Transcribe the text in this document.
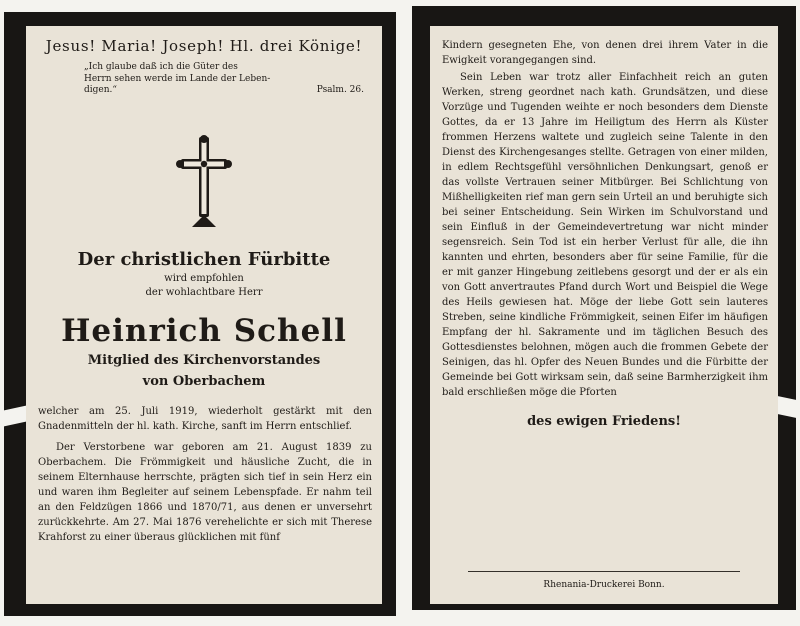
Jesus! Maria! Joseph! Hl. drei Könige!
„Ich glaube daß ich die Güter des
Herrn sehen werde im Lande der Leben-
Psalm. 26.
digen.“
Der christlichen Fürbitte
wird empfohlen
der wohlachtbare Herr
Heinrich Schell
Mitglied des Kirchenvorstandes
von Oberbachem
welcher am 25. Juli 1919, wiederholt gestärkt mit den Gnadenmitteln der hl. kath. Kirche, sanft im Herrn entschlief.
Der Verstorbene war geboren am 21. August 1839 zu Oberbachem. Die Frömmigkeit und häusliche Zucht, die in seinem Elternhause herrschte, prägten sich tief in sein Herz ein und waren ihm Begleiter auf seinem Lebenspfade. Er nahm teil an den Feldzügen 1866 und 1870/71, aus denen er unversehrt zurückkehrte. Am 27. Mai 1876 verehelichte er sich mit Therese Krahforst zu einer überaus glücklichen mit fünf
Kindern gesegneten Ehe, von denen drei ihrem Vater in die Ewigkeit vorangegangen sind.
Sein Leben war trotz aller Einfachheit reich an guten Werken, streng geordnet nach kath. Grundsätzen, und diese Vorzüge und Tugenden weihte er noch besonders dem Dienste Gottes, da er 13 Jahre im Heiligtum des Herrn als Küster frommen Herzens waltete und zugleich seine Talente in den Dienst des Kirchengesanges stellte. Getragen von einer milden, in edlem Rechtsgefühl versöhnlichen Denkungsart, genoß er das vollste Vertrauen seiner Mitbürger. Bei Schlichtung von Mißhelligkeiten rief man gern sein Urteil an und beruhigte sich bei seiner Entscheidung. Sein Wirken im Schulvorstand und sein Einfluß in der Gemeindevertretung war nicht minder segensreich. Sein Tod ist ein herber Verlust für alle, die ihn kannten und ehrten, besonders aber für seine Familie, für die er mit ganzer Hingebung zeitlebens gesorgt und der er als ein von Gott anvertrautes Pfand durch Wort und Beispiel die Wege des Heils gewiesen hat. Möge der liebe Gott sein lauteres Streben, seine kindliche Frömmigkeit, seinen Eifer im häufigen Empfang der hl. Sakramente und im täglichen Besuch des Gottesdienstes belohnen, mögen auch die frommen Gebete der Seinigen, das hl. Opfer des Neuen Bundes und die Fürbitte der Gemeinde bei Gott wirksam sein, daß seine Barmherzigkeit ihm bald erschließen möge die Pforten
des ewigen Friedens!
Rhenania-Druckerei Bonn.
